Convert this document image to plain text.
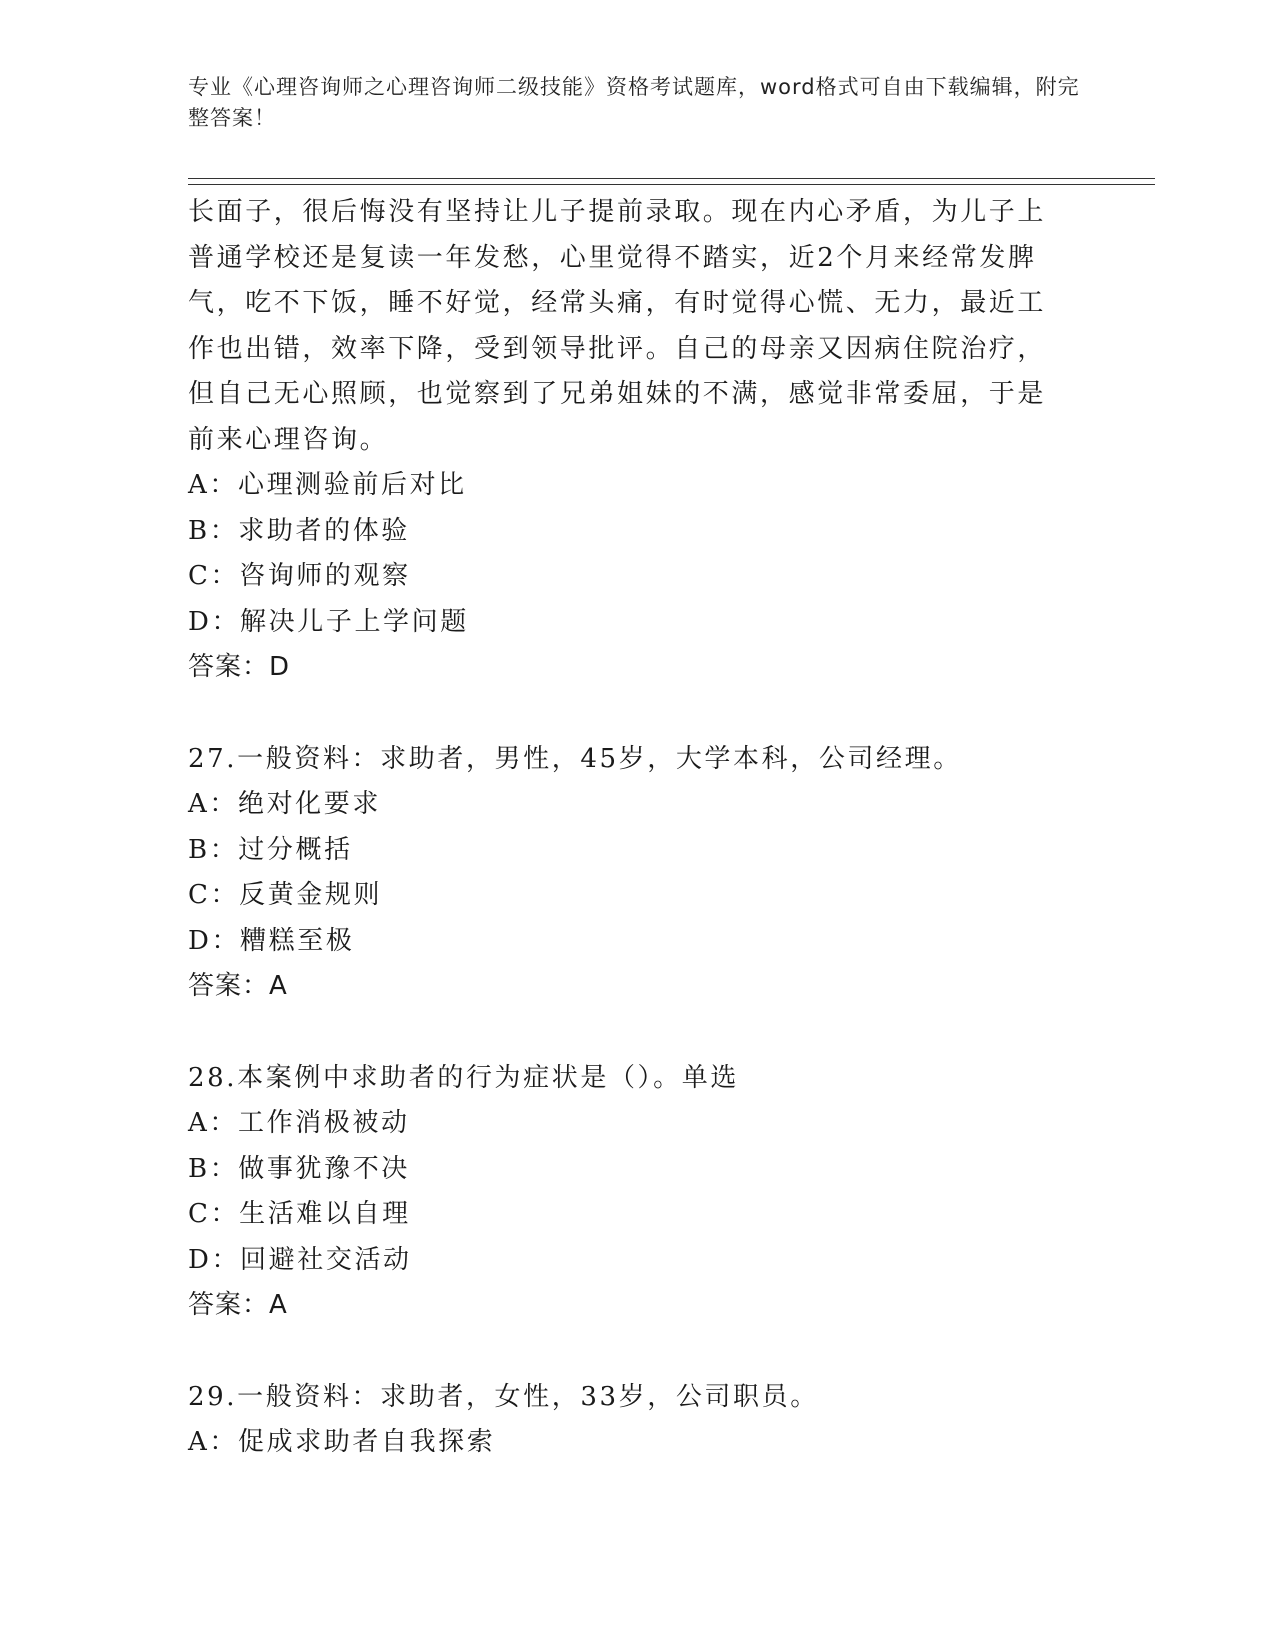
专业《心理咨询师之心理咨询师二级技能》资格考试题库，word格式可自由下载编辑，附完整答案！

长面子，很后悔没有坚持让儿子提前录取。现在内心矛盾，为儿子上普通学校还是复读一年发愁，心里觉得不踏实，近2个月来经常发脾气，吃不下饭，睡不好觉，经常头痛，有时觉得心慌、无力，最近工作也出错，效率下降，受到领导批评。自己的母亲又因病住院治疗，但自己无心照顾，也觉察到了兄弟姐妹的不满，感觉非常委屈，于是前来心理咨询。

A：心理测验前后对比

B：求助者的体验

C：咨询师的观察

D：解决儿子上学问题

答案：D

27.一般资料：求助者，男性，45岁，大学本科，公司经理。

A：绝对化要求

B：过分概括

C：反黄金规则

D：糟糕至极

答案：A

28.本案例中求助者的行为症状是（）。单选

A：工作消极被动

B：做事犹豫不决

C：生活难以自理

D：回避社交活动

答案：A

29.一般资料：求助者，女性，33岁，公司职员。

A：促成求助者自我探索
